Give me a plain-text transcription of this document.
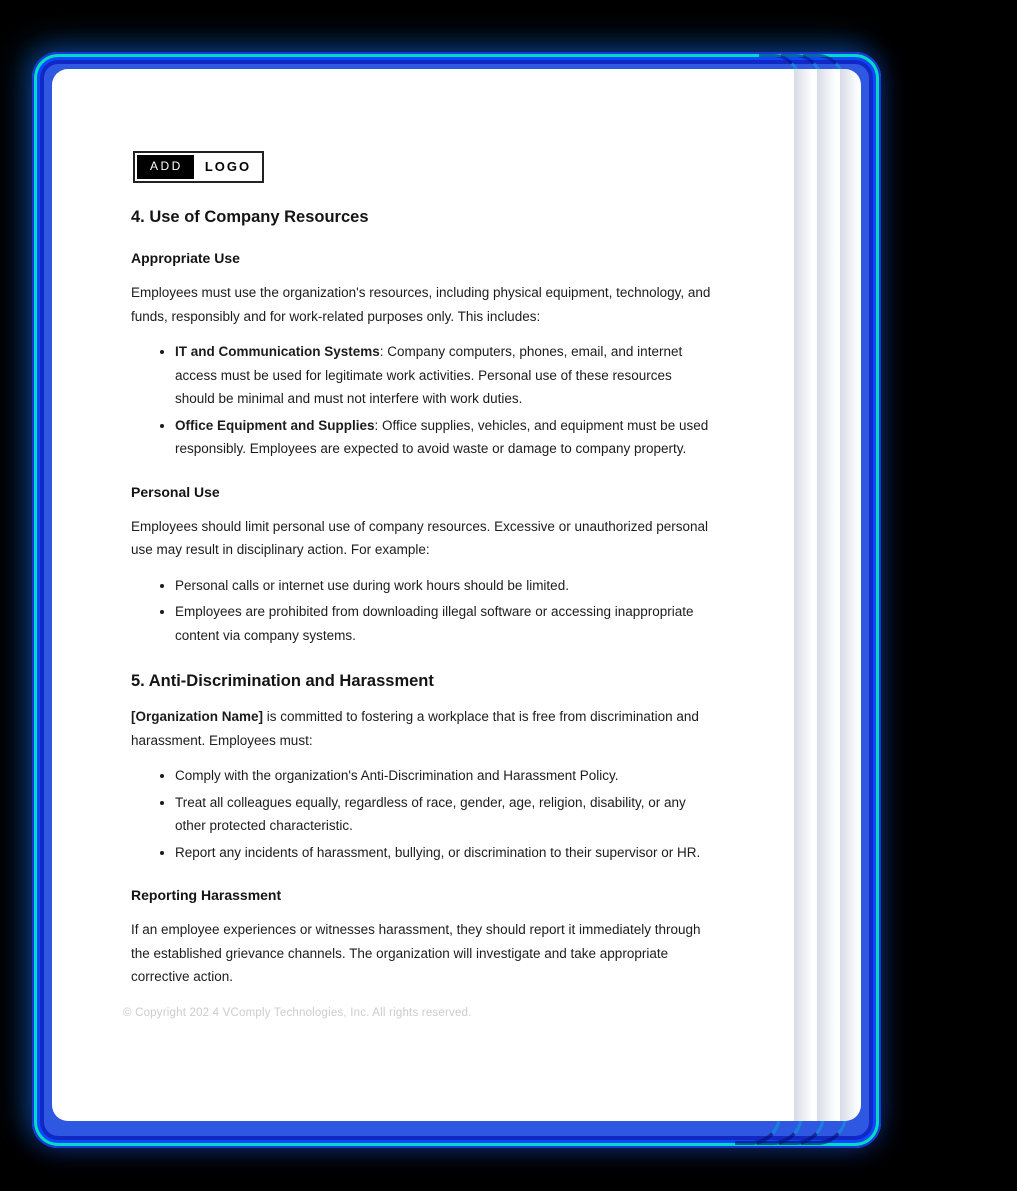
ADD	LOGO
4. Use of Company Resources
Appropriate Use

Employees must use the organization's resources, including physical equipment, technology, and funds, responsibly and for work-related purposes only. This includes:

• IT and Communication Systems: Company computers, phones, email, and internet access must be used for legitimate work activities. Personal use of these resources should be minimal and must not interfere with work duties.
• Office Equipment and Supplies: Office supplies, vehicles, and equipment must be used responsibly. Employees are expected to avoid waste or damage to company property.
Personal Use

Employees should limit personal use of company resources. Excessive or unauthorized personal use may result in disciplinary action. For example:

• Personal calls or internet use during work hours should be limited.
• Employees are prohibited from downloading illegal software or accessing inappropriate content via company systems.
5. Anti-Discrimination and Harassment

[Organization Name] is committed to fostering a workplace that is free from discrimination and harassment. Employees must:

• Comply with the organization's Anti-Discrimination and Harassment Policy.
• Treat all colleagues equally, regardless of race, gender, age, religion, disability, or any other protected characteristic.
• Report any incidents of harassment, bullying, or discrimination to their supervisor or HR.
Reporting Harassment

If an employee experiences or witnesses harassment, they should report it immediately through the established grievance channels. The organization will investigate and take appropriate corrective action.

© Copyright 202 4 VComply Technologies, Inc. All rights reserved.
